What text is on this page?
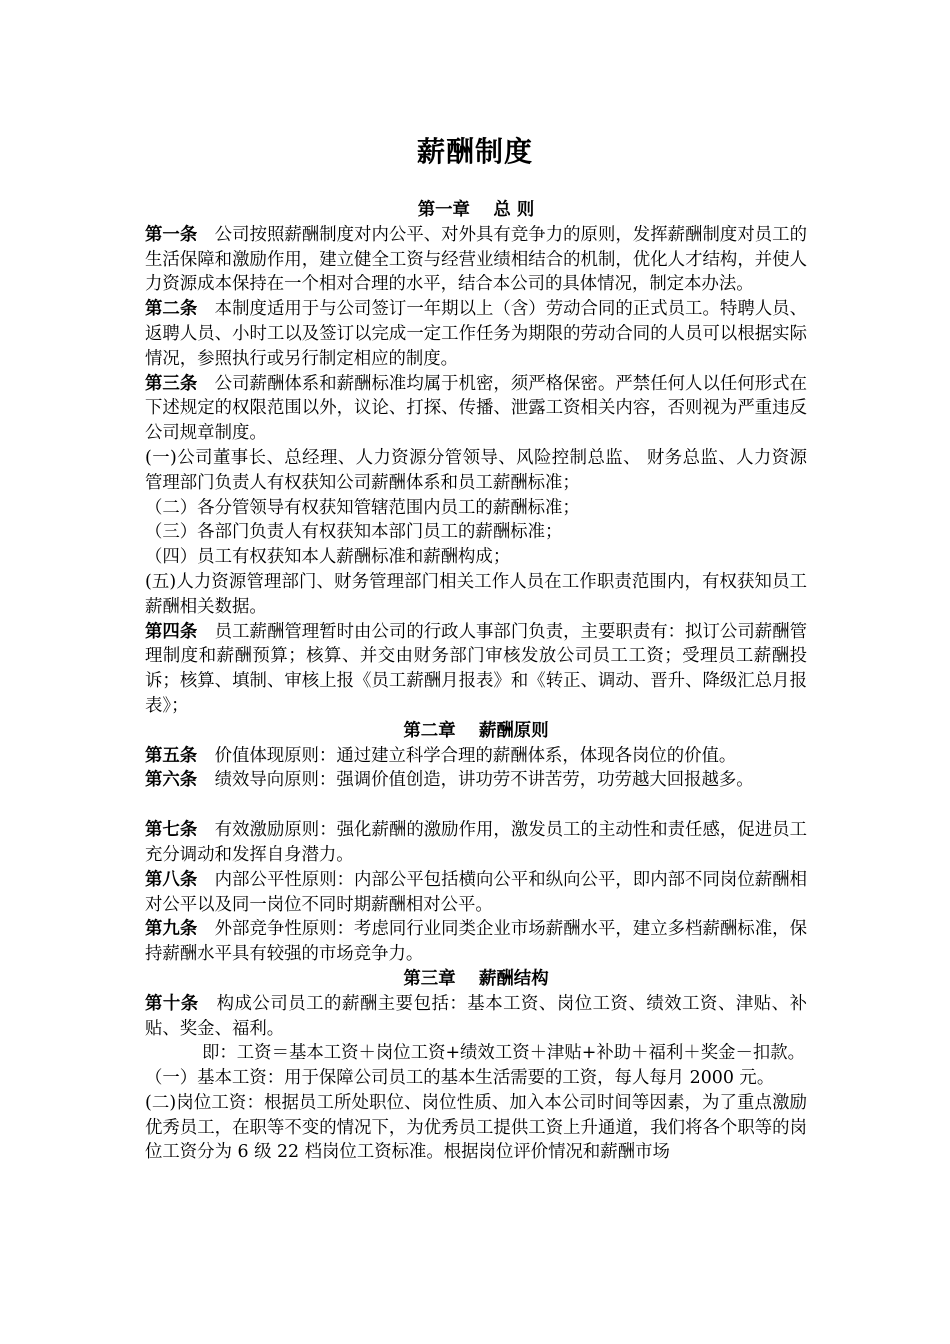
薪酬制度
第一章　 总 则

第一条　公司按照薪酬制度对内公平、对外具有竞争力的原则，发挥薪酬制度对员工的生活保障和激励作用，建立健全工资与经营业绩相结合的机制，优化人才结构，并使人力资源成本保持在一个相对合理的水平，结合本公司的具体情况，制定本办法。

第二条　本制度适用于与公司签订一年期以上（含）劳动合同的正式员工。特聘人员、返聘人员、小时工以及签订以完成一定工作任务为期限的劳动合同的人员可以根据实际情况，参照执行或另行制定相应的制度。

第三条　公司薪酬体系和薪酬标准均属于机密，须严格保密。严禁任何人以任何形式在下述规定的权限范围以外，议论、打探、传播、泄露工资相关内容，否则视为严重违反公司规章制度。

(一)公司董事长、总经理、人力资源分管领导、风险控制总监、 财务总监、人力资源管理部门负责人有权获知公司薪酬体系和员工薪酬标准；

（二）各分管领导有权获知管辖范围内员工的薪酬标准；

（三）各部门负责人有权获知本部门员工的薪酬标准；

（四）员工有权获知本人薪酬标准和薪酬构成；

(五)人力资源管理部门、财务管理部门相关工作人员在工作职责范围内，有权获知员工薪酬相关数据。

第四条　员工薪酬管理暂时由公司的行政人事部门负责，主要职责有：拟订公司薪酬管理制度和薪酬预算；核算、并交由财务部门审核发放公司员工工资；受理员工薪酬投诉；核算、填制、审核上报《员工薪酬月报表》和《转正、调动、晋升、降级汇总月报表》；

第二章　 薪酬原则

第五条　价值体现原则：通过建立科学合理的薪酬体系，体现各岗位的价值。

第六条　绩效导向原则：强调价值创造，讲功劳不讲苦劳，功劳越大回报越多。

第七条　有效激励原则：强化薪酬的激励作用，激发员工的主动性和责任感，促进员工充分调动和发挥自身潜力。

第八条　内部公平性原则：内部公平包括横向公平和纵向公平，即内部不同岗位薪酬相对公平以及同一岗位不同时期薪酬相对公平。

第九条　外部竞争性原则：考虑同行业同类企业市场薪酬水平，建立多档薪酬标准，保持薪酬水平具有较强的市场竞争力。

第三章　 薪酬结构

第十条　构成公司员工的薪酬主要包括：基本工资、岗位工资、绩效工资、津贴、补贴、奖金、福利。

即：工资＝基本工资＋岗位工资+绩效工资＋津贴+补助＋福利＋奖金－扣款。

（一）基本工资：用于保障公司员工的基本生活需要的工资，每人每月 2000 元。

(二)岗位工资：根据员工所处职位、岗位性质、加入本公司时间等因素，为了重点激励优秀员工，在职等不变的情况下，为优秀员工提供工资上升通道，我们将各个职等的岗位工资分为 6 级 22 档岗位工资标准。根据岗位评价情况和薪酬市场
